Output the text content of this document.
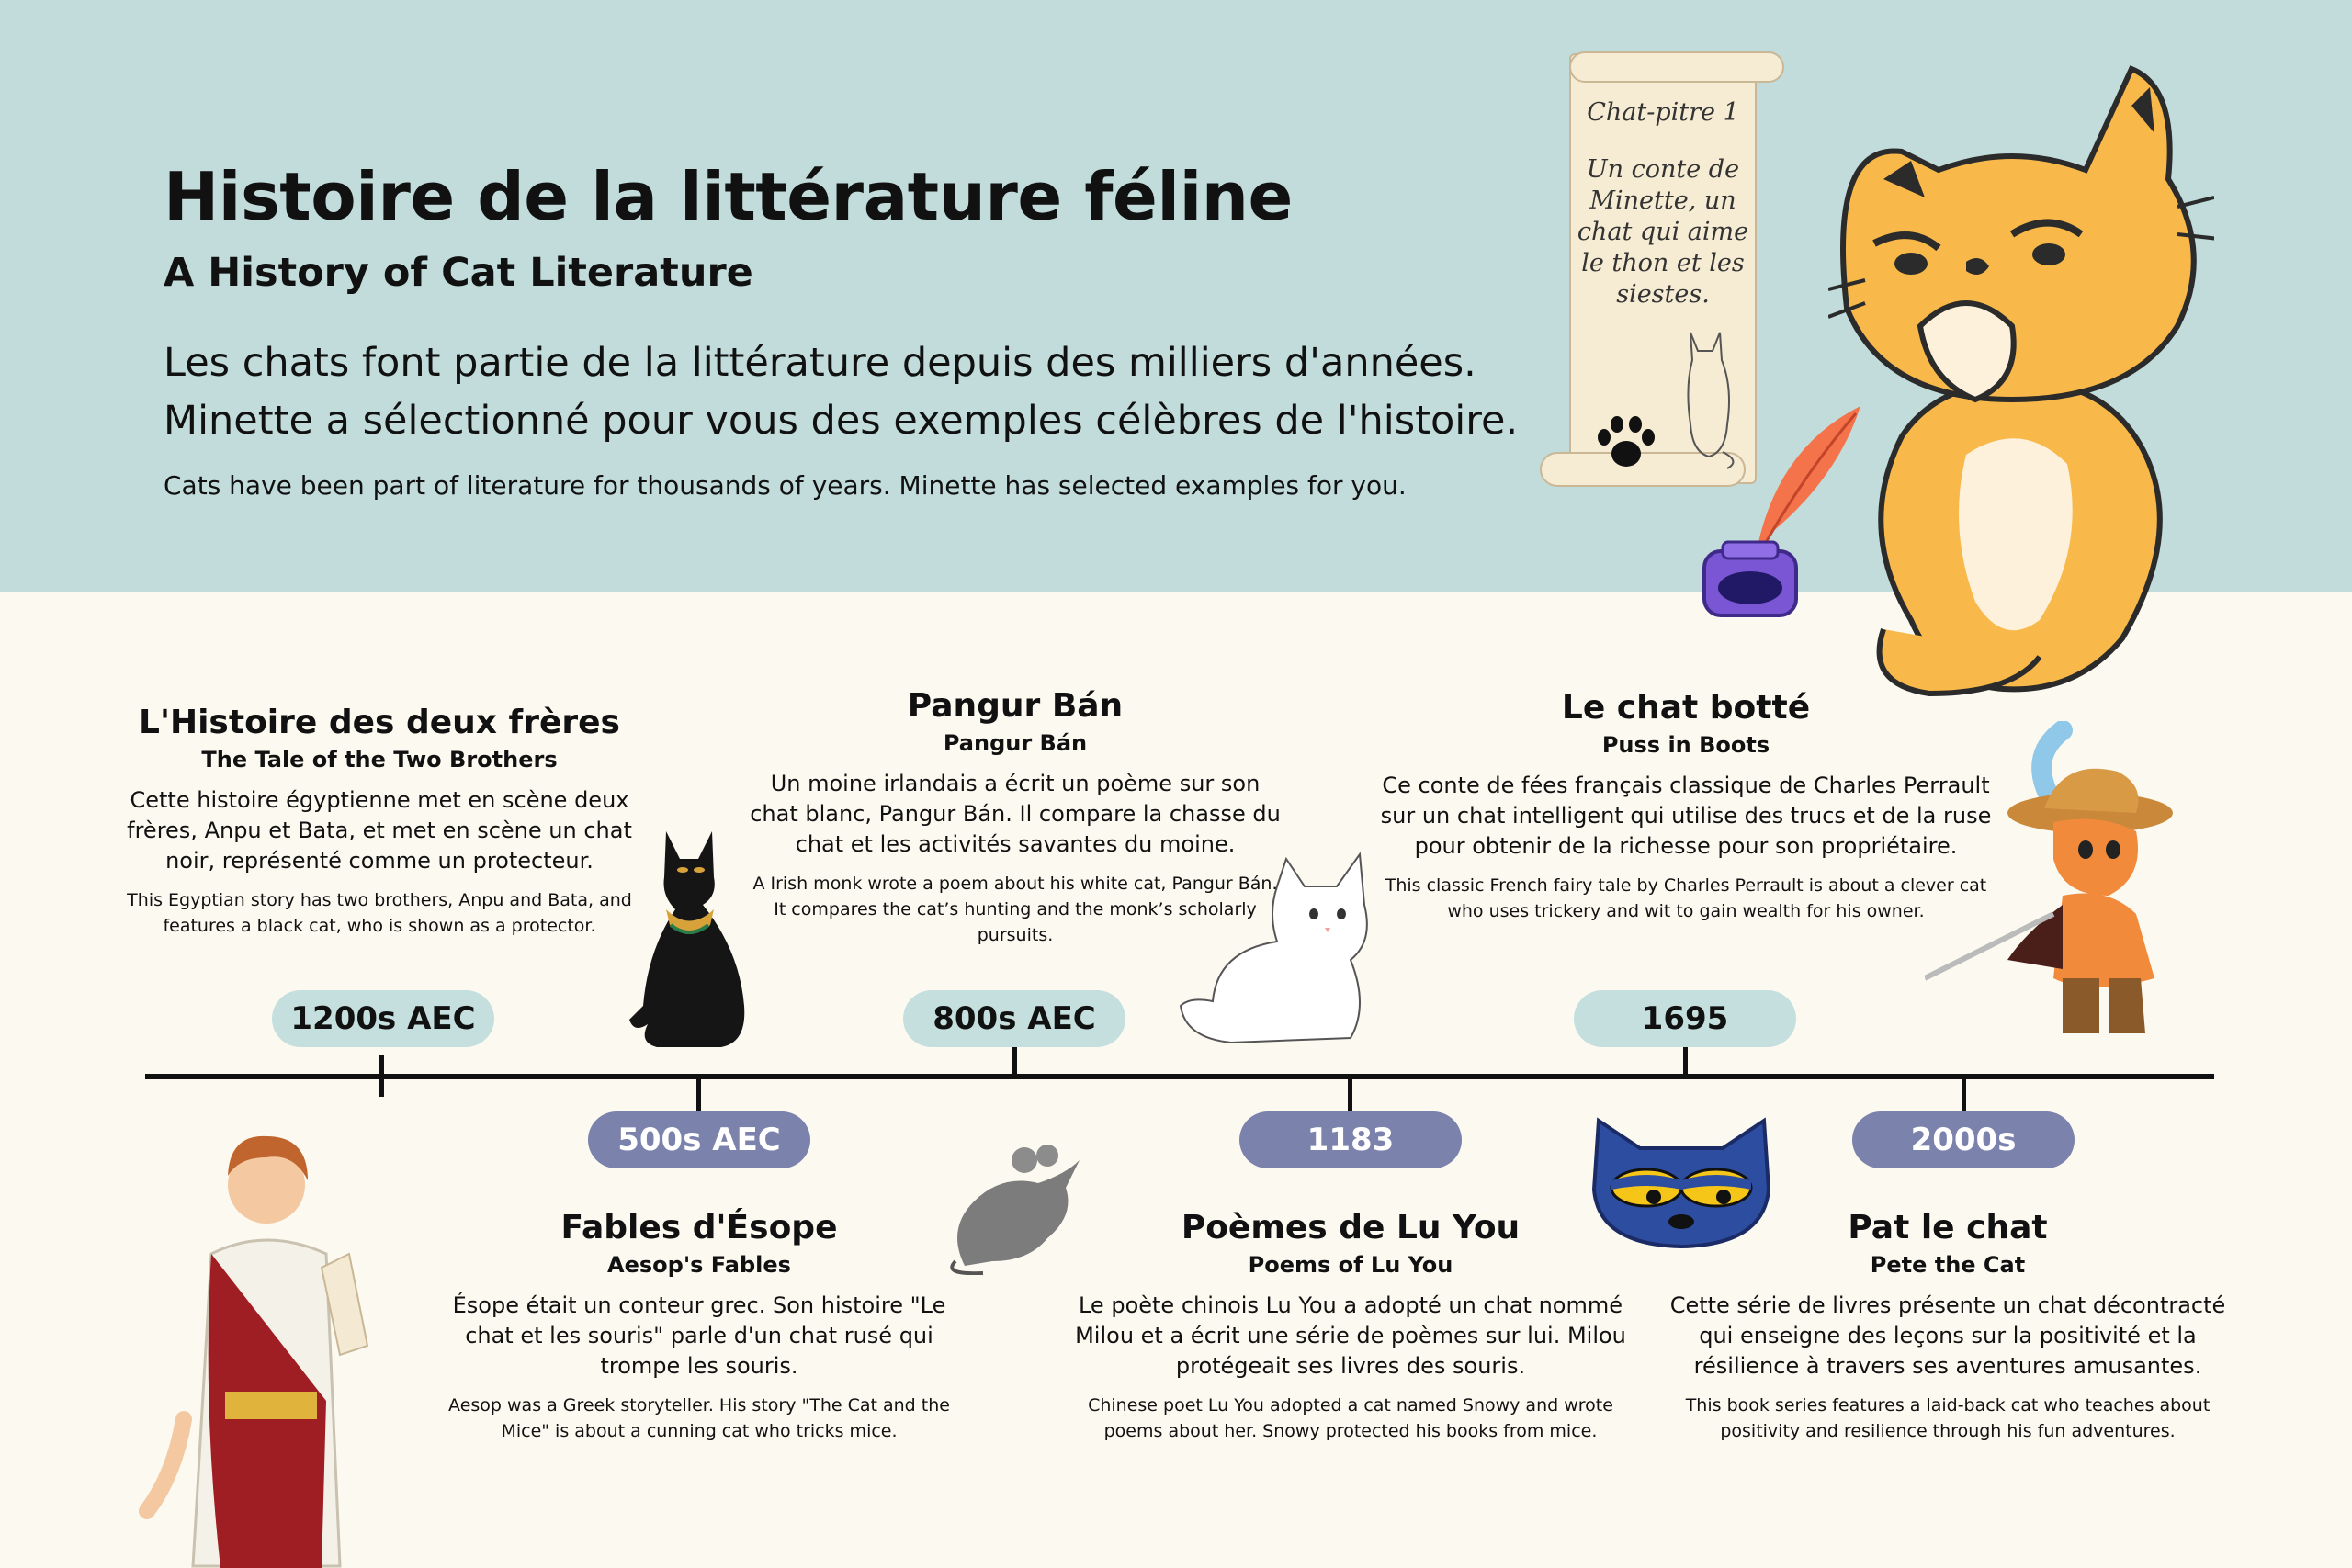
Histoire de la littérature féline
A History of Cat Literature

Les chats font partie de la littérature depuis des milliers d'années. Minette a sélectionné pour vous des exemples célèbres de l'histoire.

Cats have been part of literature for thousands of years. Minette has selected examples for you.

Chat-pitre 1

Un conte de Minette, un chat qui aime le thon et les siestes.

1200s AEC
500s AEC
800s AEC
1183
1695
2000s
L'Histoire des deux frères
The Tale of the Two Brothers

Cette histoire égyptienne met en scène deux frères, Anpu et Bata, et met en scène un chat noir, représenté comme un protecteur.

This Egyptian story has two brothers, Anpu and Bata, and features a black cat, who is shown as a protector.

Fables d'Ésope
Aesop's Fables

Ésope était un conteur grec. Son histoire "Le chat et les souris" parle d'un chat rusé qui trompe les souris.

Aesop was a Greek storyteller. His story "The Cat and the Mice" is about a cunning cat who tricks mice.

Pangur Bán
Pangur Bán

Un moine irlandais a écrit un poème sur son chat blanc, Pangur Bán. Il compare la chasse du chat et les activités savantes du moine.

A Irish monk wrote a poem about his white cat, Pangur Bán. It compares the cat’s hunting and the monk’s scholarly pursuits.

Poèmes de Lu You
Poems of Lu You

Le poète chinois Lu You a adopté un chat nommé Milou et a écrit une série de poèmes sur lui. Milou protégeait ses livres des souris.

Chinese poet Lu You adopted a cat named Snowy and wrote poems about her. Snowy protected his books from mice.

Le chat botté
Puss in Boots

Ce conte de fées français classique de Charles Perrault sur un chat intelligent qui utilise des trucs et de la ruse pour obtenir de la richesse pour son propriétaire.

This classic French fairy tale by Charles Perrault is about a clever cat who uses trickery and wit to gain wealth for his owner.

Pat le chat
Pete the Cat

Cette série de livres présente un chat décontracté qui enseigne des leçons sur la positivité et la résilience à travers ses aventures amusantes.

This book series features a laid-back cat who teaches about positivity and resilience through his fun adventures.
